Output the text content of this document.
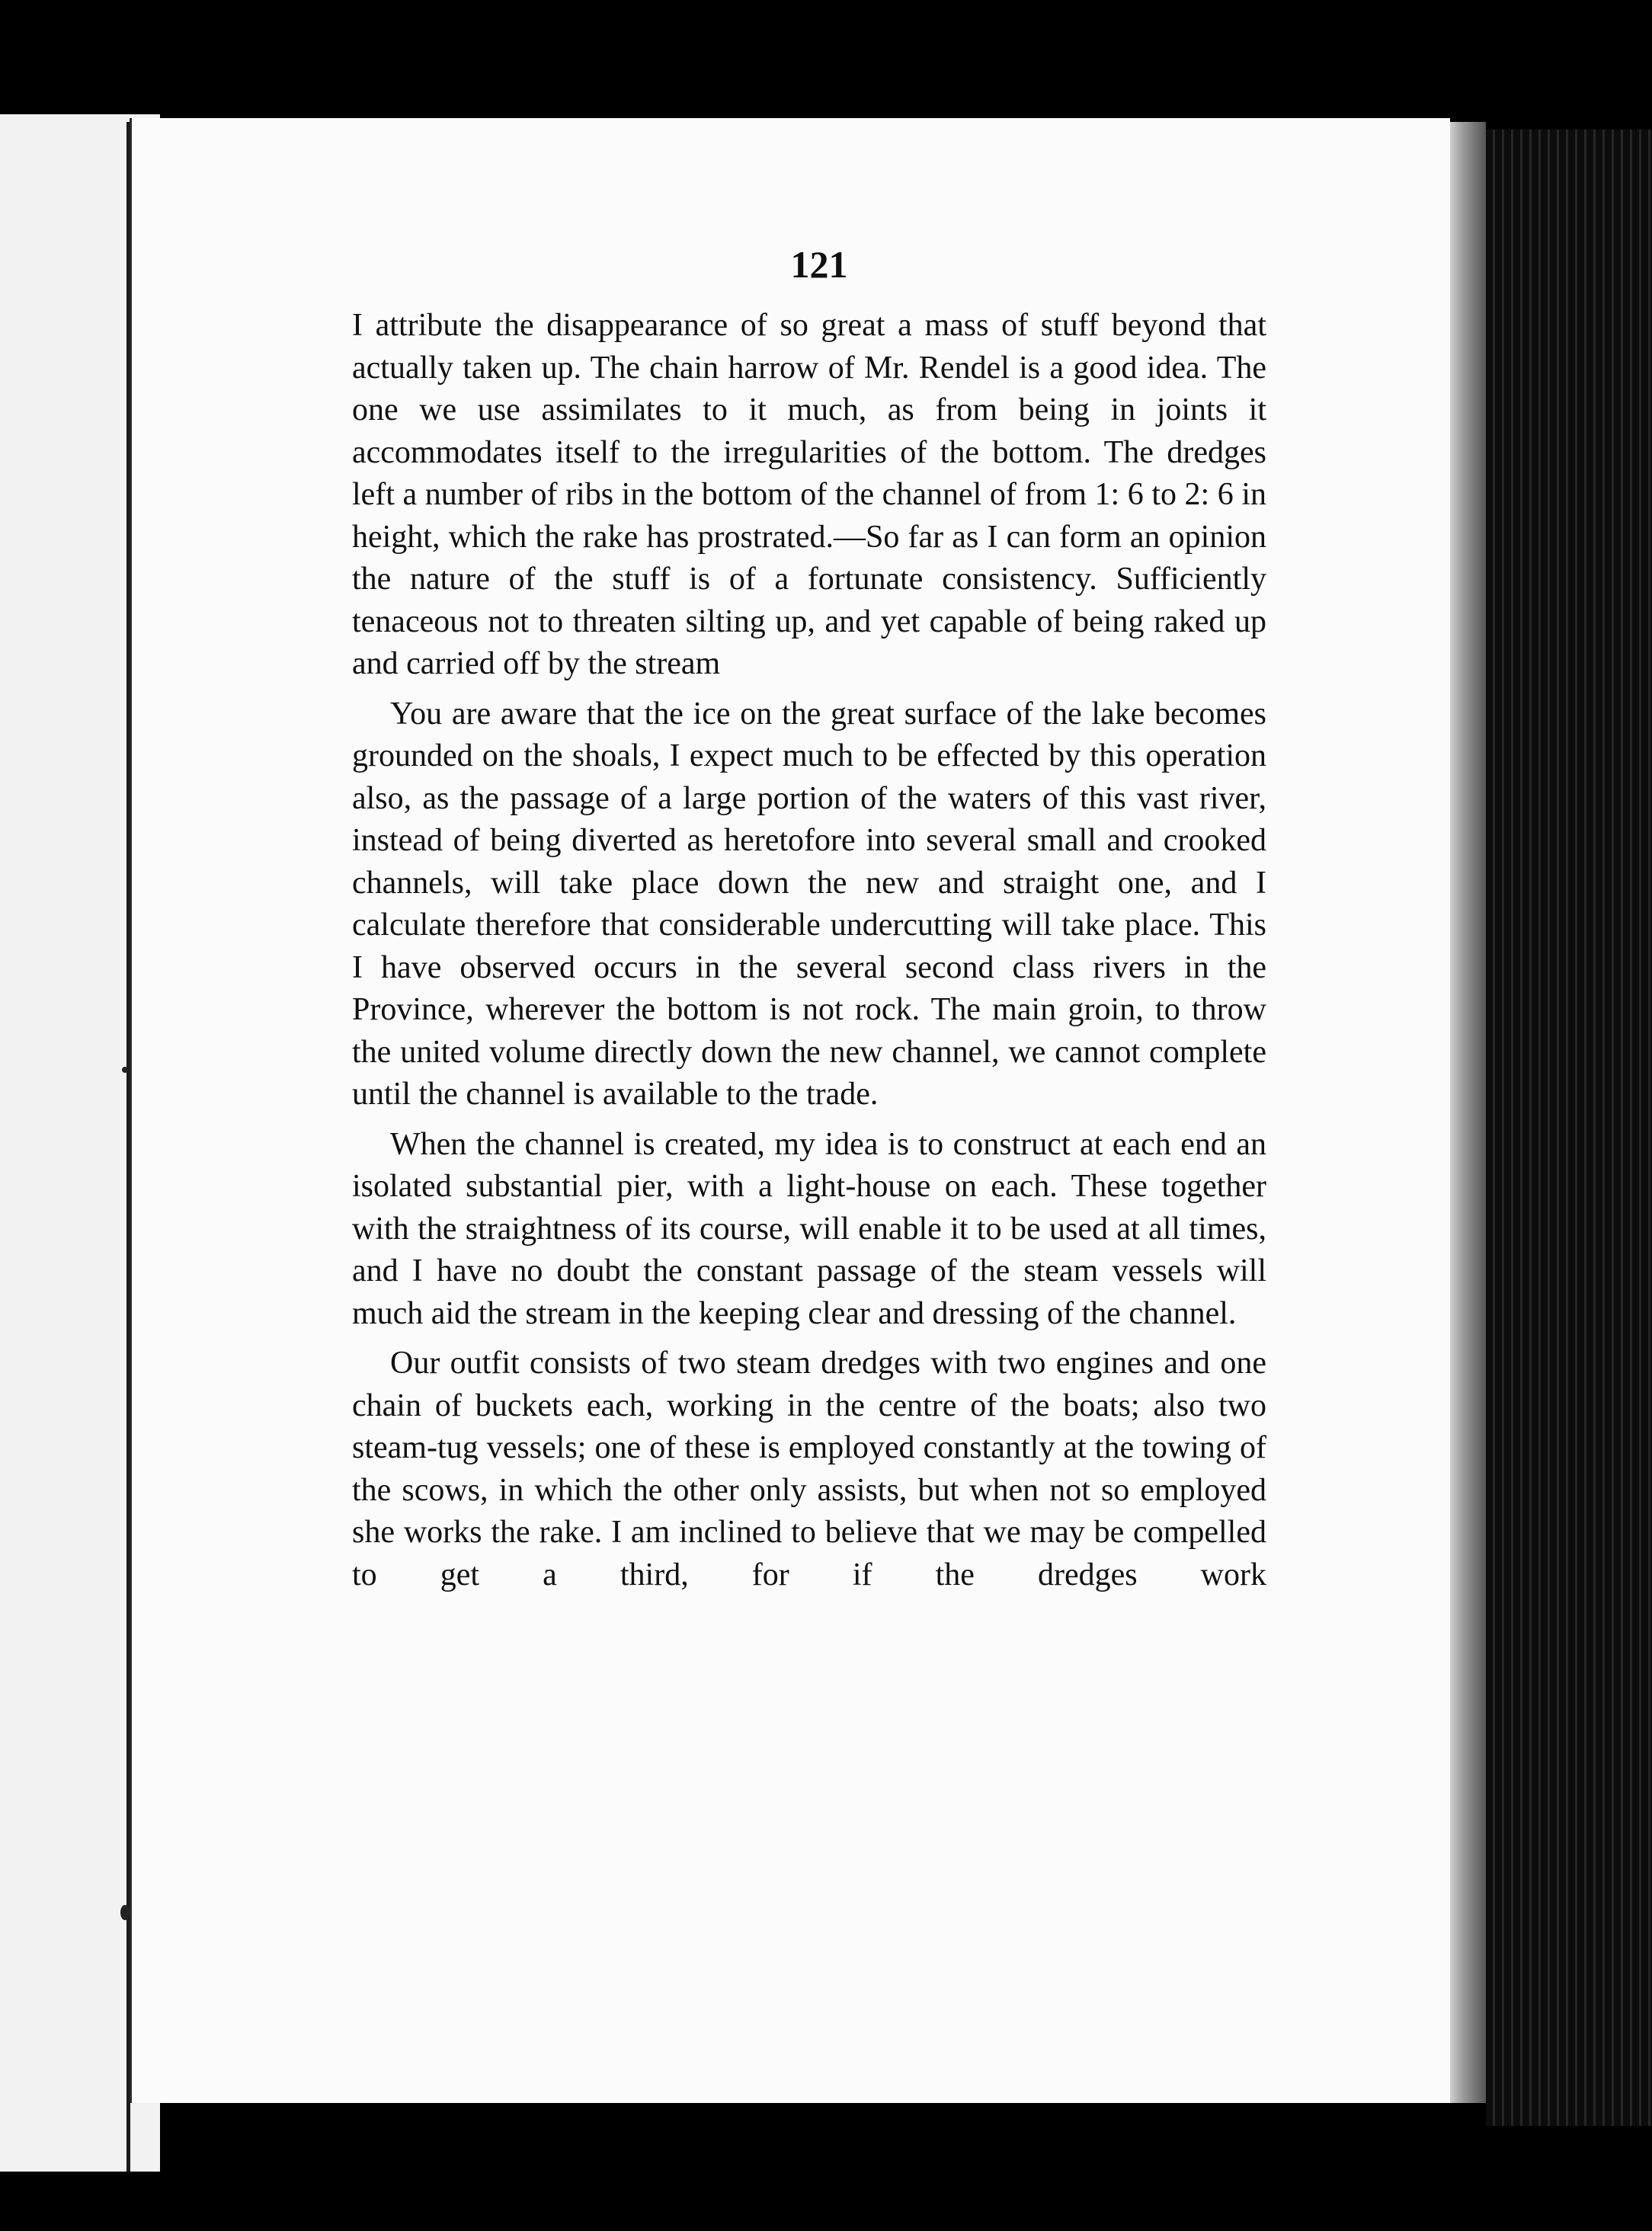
121

I attribute the disappearance of so great a mass of stuff beyond that actually taken up. The chain harrow of Mr. Rendel is a good idea. The one we use assimilates to it much, as from being in joints it accommodates itself to the irregularities of the bottom. The dredges left a number of ribs in the bottom of the channel of from 1: 6 to 2: 6 in height, which the rake has prostrated.—So far as I can form an opinion the nature of the stuff is of a fortunate consistency. Sufficiently tenaceous not to threaten silting up, and yet capable of being raked up and carried off by the stream

You are aware that the ice on the great surface of the lake becomes grounded on the shoals, I expect much to be effected by this operation also, as the passage of a large portion of the waters of this vast river, instead of being diverted as heretofore into several small and crooked channels, will take place down the new and straight one, and I calculate therefore that considerable undercutting will take place. This I have observed occurs in the several second class rivers in the Province, wherever the bottom is not rock. The main groin, to throw the united volume directly down the new channel, we cannot complete until the channel is available to the trade.

When the channel is created, my idea is to construct at each end an isolated substantial pier, with a light-house on each. These together with the straightness of its course, will enable it to be used at all times, and I have no doubt the constant passage of the steam vessels will much aid the stream in the keeping clear and dressing of the channel.

Our outfit consists of two steam dredges with two engines and one chain of buckets each, working in the centre of the boats; also two steam-tug vessels; one of these is employed constantly at the towing of the scows, in which the other only assists, but when not so employed she works the rake. I am inclined to believe that we may be compelled to get a third, for if the dredges work
